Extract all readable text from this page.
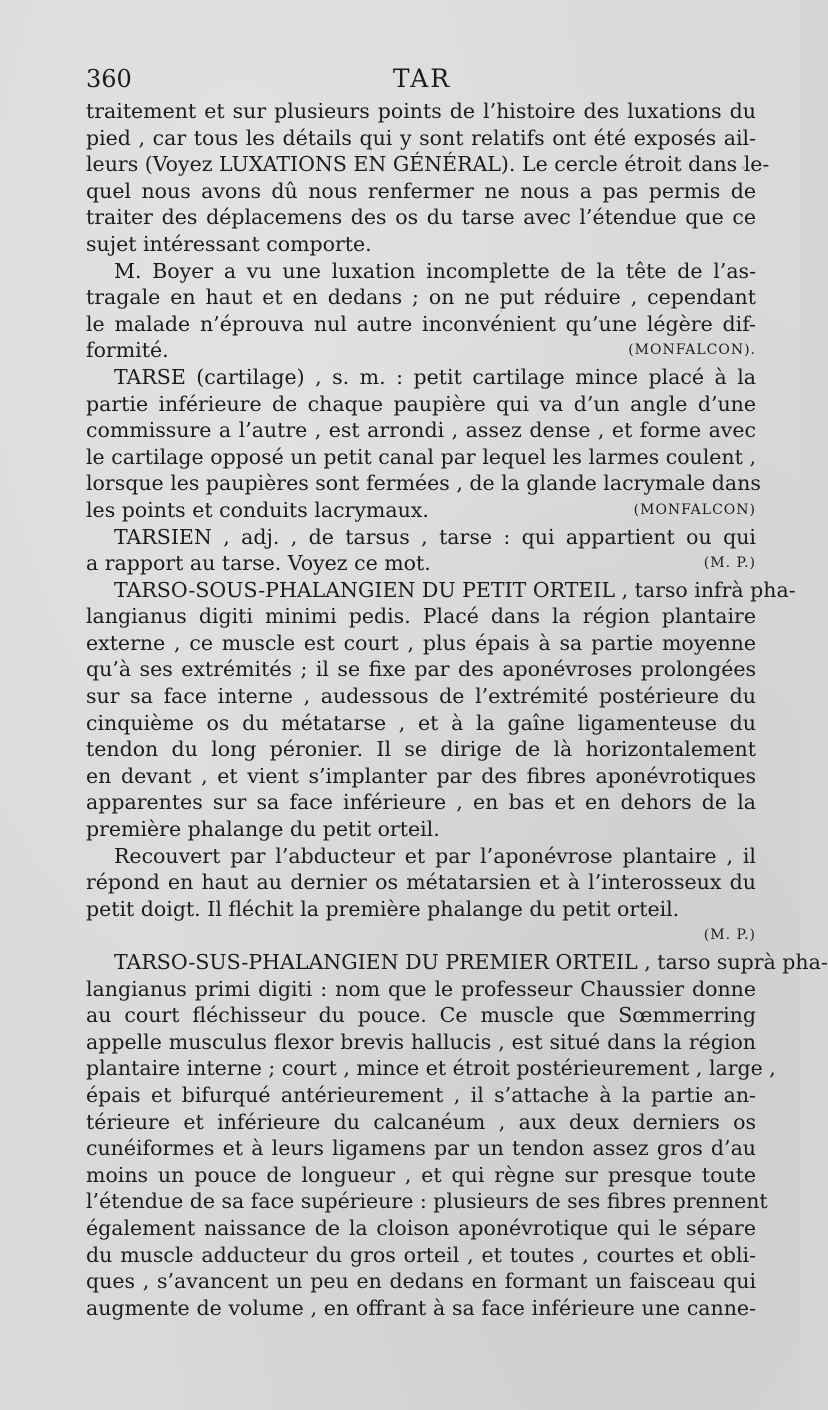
360	TAR
traitement et sur plusieurs points de l’histoire des luxations du
pied , car tous les détails qui y sont relatifs ont été exposés ail-
leurs (Voyez LUXATIONS EN GÉNÉRAL). Le cercle étroit dans le-
quel nous avons dû nous renfermer ne nous a pas permis de
traiter des déplacemens des os du tarse avec l’étendue que ce
sujet intéressant comporte.
M. Boyer a vu une luxation incomplette de la tête de l’as-
tragale en haut et en dedans ; on ne put réduire , cependant
le malade n’éprouva nul autre inconvénient qu’une légère dif-
formité.	(MONFALCON).
TARSE (cartilage) , s. m. : petit cartilage mince placé à la
partie inférieure de chaque paupière qui va d’un angle d’une
commissure a l’autre , est arrondi , assez dense , et forme avec
le cartilage opposé un petit canal par lequel les larmes coulent ,
lorsque les paupières sont fermées , de la glande lacrymale dans
les points et conduits lacrymaux.	(MONFALCON)
TARSIEN , adj. , de tarsus , tarse : qui appartient ou qui
a rapport au tarse. Voyez ce mot.	(M. P.)
TARSO-SOUS-PHALANGIEN DU PETIT ORTEIL , tarso infrà pha-
langianus digiti minimi pedis. Placé dans la région plantaire
externe , ce muscle est court , plus épais à sa partie moyenne
qu’à ses extrémités ; il se fixe par des aponévroses prolongées
sur sa face interne , audessous de l’extrémité postérieure du
cinquième os du métatarse , et à la gaîne ligamenteuse du
tendon du long péronier. Il se dirige de là horizontalement
en devant , et vient s’implanter par des fibres aponévrotiques
apparentes sur sa face inférieure , en bas et en dehors de la
première phalange du petit orteil.
Recouvert par l’abducteur et par l’aponévrose plantaire , il
répond en haut au dernier os métatarsien et à l’interosseux du
petit doigt. Il fléchit la première phalange du petit orteil.
(M. P.)
TARSO-SUS-PHALANGIEN DU PREMIER ORTEIL , tarso suprà pha-
langianus primi digiti : nom que le professeur Chaussier donne
au court fléchisseur du pouce. Ce muscle que Sœmmerring
appelle musculus flexor brevis hallucis , est situé dans la région
plantaire interne ; court , mince et étroit postérieurement , large ,
épais et bifurqué antérieurement , il s’attache à la partie an-
térieure et inférieure du calcanéum , aux deux derniers os
cunéiformes et à leurs ligamens par un tendon assez gros d’au
moins un pouce de longueur , et qui règne sur presque toute
l’étendue de sa face supérieure : plusieurs de ses fibres prennent
également naissance de la cloison aponévrotique qui le sépare
du muscle adducteur du gros orteil , et toutes , courtes et obli-
ques , s’avancent un peu en dedans en formant un faisceau qui
augmente de volume , en offrant à sa face inférieure une canne-
